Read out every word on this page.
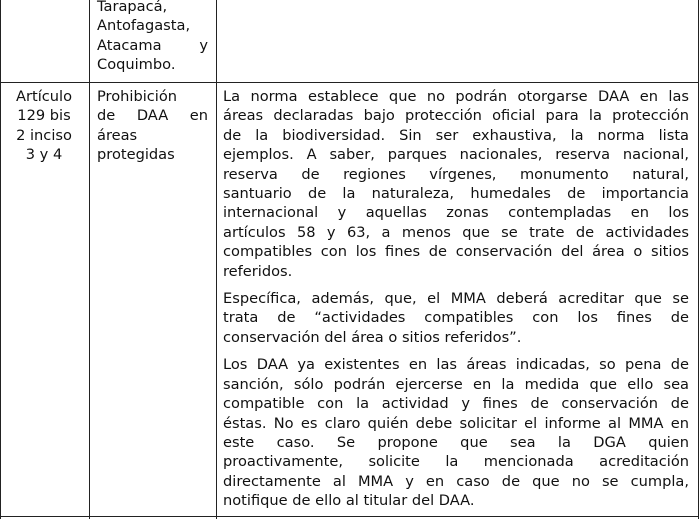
Tarapacá,
Antofagasta,
Atacama y
Coquimbo.
Artículo
129 bis
2 inciso
3 y 4
Prohibición
de DAA en
áreas
protegidas
La norma establece que no podrán otorgarse DAA en las
áreas declaradas bajo protección oficial para la protección
de la biodiversidad. Sin ser exhaustiva, la norma lista
ejemplos. A saber, parques nacionales, reserva nacional,
reserva de regiones vírgenes, monumento natural,
santuario de la naturaleza, humedales de importancia
internacional y aquellas zonas contempladas en los
artículos 58 y 63, a menos que se trate de actividades
compatibles con los fines de conservación del área o sitios
referidos.
Específica, además, que, el MMA deberá acreditar que se
trata de “actividades compatibles con los fines de
conservación del área o sitios referidos”.
Los DAA ya existentes en las áreas indicadas, so pena de
sanción, sólo podrán ejercerse en la medida que ello sea
compatible con la actividad y fines de conservación de
éstas. No es claro quién debe solicitar el informe al MMA en
este caso. Se propone que sea la DGA quien
proactivamente, solicite la mencionada acreditación
directamente al MMA y en caso de que no se cumpla,
notifique de ello al titular del DAA.
